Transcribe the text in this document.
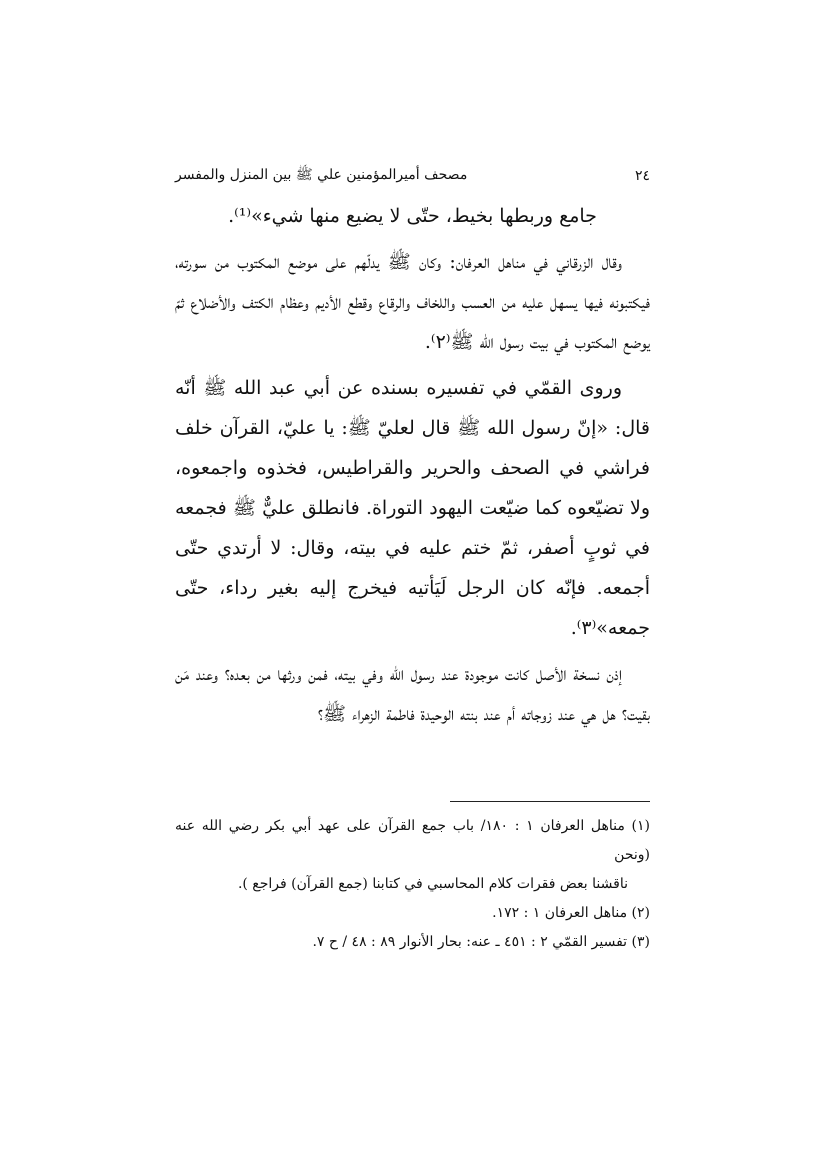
٢٤
مصحف أميرالمؤمنين علي ﷺ بين المنزل والمفسر

جامع وربطها بخيط، حتّى لا يضيع منها شيء»⁽¹⁾.

وقال الزرقاني في مناهل العرفان: وكان ﷺ يدلّهم على موضع المكتوب من سورته، فيكتبونه فيها يسهل عليه من العسب واللخاف والرقاع وقطع الأديم وعظام الكتف والأضلاع ثمّ يوضع المكتوب في بيت رسول الله ﷺ⁽٢⁾.

وروى القمّي في تفسيره بسنده عن أبي عبد الله ﷺ أنّه قال: «إنّ رسول الله ﷺ قال لعليّ ﷺ: يا عليّ، القرآن خلف فراشي في الصحف والحرير والقراطيس، فخذوه واجمعوه، ولا تضيّعوه كما ضيّعت اليهود التوراة. فانطلق عليٌّ ﷺ فجمعه في ثوبٍ أصفر، ثمّ ختم عليه في بيته، وقال: لا أرتدي حتّى أجمعه. فإنّه كان الرجل لَيَأتيه فيخرج إليه بغير رداء، حتّى جمعه»⁽٣⁾.

إذن نسخة الأصل كانت موجودة عند رسول الله وفي بيته، فمن ورثها من بعده؟ وعند مَن بقيت؟ هل هي عند زوجاته أم عند بنته الوحيدة فاطمة الزهراء ﷺ؟

(١) مناهل العرفان ١ : ١٨٠/ باب جمع القرآن على عهد أبي بكر رضي الله عنه (ونحن

ناقشنا بعض فقرات كلام المحاسبي في كتابنا (جمع القرآن) فراجع ).

(٢) مناهل العرفان ١ : ١٧٢.

(٣) تفسير القمّي ٢ : ٤٥١ ـ عنه: بحار الأنوار ٨٩ : ٤٨ / ح ٧.
